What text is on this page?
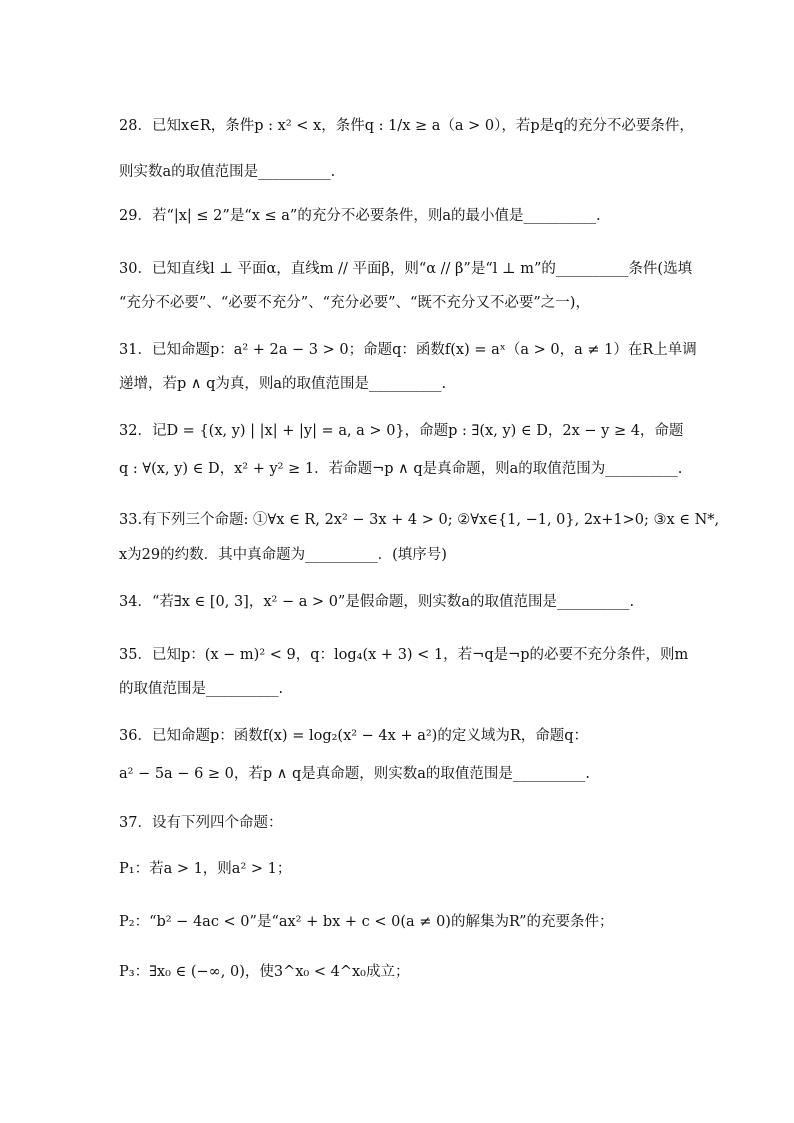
28．已知x∈R，条件p : x² < x，条件q : 1/x ≥ a（a > 0），若p是q的充分不必要条件，
则实数a的取值范围是__________.
29．若“|x| ≤ 2”是“x ≤ a”的充分不必要条件，则a的最小值是__________.
30．已知直线l ⊥ 平面α，直线m // 平面β，则“α // β”是“l ⊥ m”的__________条件(选填
“充分不必要”、“必要不充分”、“充分必要”、“既不充分又不必要”之一)，
31．已知命题p：a² + 2a − 3 > 0；命题q：函数f(x) = aˣ（a > 0，a ≠ 1）在R上单调
递增，若p ∧ q为真，则a的取值范围是__________.
32．记D = {(x, y) | |x| + |y| = a, a > 0}，命题p : ∃(x, y) ∈ D，2x − y ≥ 4，命题
q : ∀(x, y) ∈ D，x² + y² ≥ 1．若命题¬p ∧ q是真命题，则a的取值范围为__________.
33.有下列三个命题: ①∀x ∈ R, 2x² − 3x + 4 > 0; ②∀x∈{1, −1, 0}, 2x+1>0; ③x ∈ N*,
x为29的约数．其中真命题为__________．(填序号)
34．“若∃x ∈ [0, 3]，x² − a > 0”是假命题，则实数a的取值范围是__________.
35．已知p：(x − m)² < 9，q：log₄(x + 3) < 1，若¬q是¬p的必要不充分条件，则m
的取值范围是__________.
36．已知命题p：函数f(x) = log₂(x² − 4x + a²)的定义域为R，命题q：
a² − 5a − 6 ≥ 0，若p ∧ q是真命题，则实数a的取值范围是__________.
37．设有下列四个命题：
P₁：若a > 1，则a² > 1；
P₂：“b² − 4ac < 0”是“ax² + bx + c < 0(a ≠ 0)的解集为R”的充要条件；
P₃：∃x₀ ∈ (−∞, 0)，使3^x₀ < 4^x₀成立；
